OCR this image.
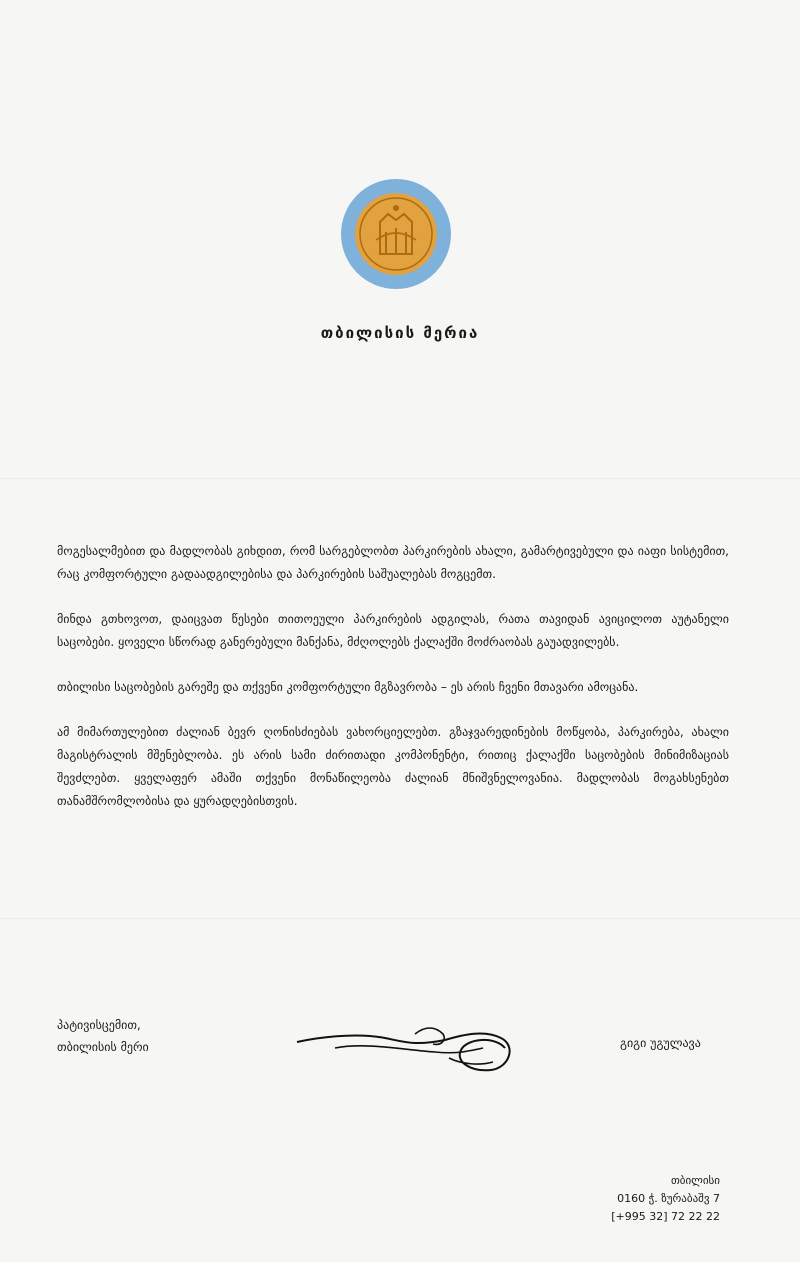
თბილისის მერია

მოგესალმებით და მადლობას გიხდით, რომ სარგებლობთ პარკირების ახალი, გამარტივებული და იაფი სისტემით, რაც კომფორტული გადაადგილებისა და პარკირების საშუალებას მოგცემთ.

მინდა გთხოვოთ, დაიცვათ წესები თითოეული პარკირების ადგილას, რათა თავიდან ავიცილოთ აუტანელი საცობები. ყოველი სწორად განერებული მანქანა, მძღოლებს ქალაქში მოძრაობას გაუადვილებს.

თბილისი საცობების გარეშე და თქვენი კომფორტული მგზავრობა – ეს არის ჩვენი მთავარი ამოცანა.

ამ მიმართულებით ძალიან ბევრ ღონისძიებას ვახორციელებთ. გზაჯვარედინების მოწყობა, პარკირება, ახალი მაგისტრალის მშენებლობა. ეს არის სამი ძირითადი კომპონენტი, რითიც ქალაქში საცობების მინიმიზაციას შევძლებთ. ყველაფერ ამაში თქვენი მონაწილეობა ძალიან მნიშვნელოვანია. მადლობას მოგახსენებთ თანამშრომლობისა და ყურადღებისთვის.

პატივისცემით,
თბილისის მერი	გიგი უგულავა
თბილისი
0160 ჭ. ზურაბაშვ 7
[+995 32] 72 22 22
